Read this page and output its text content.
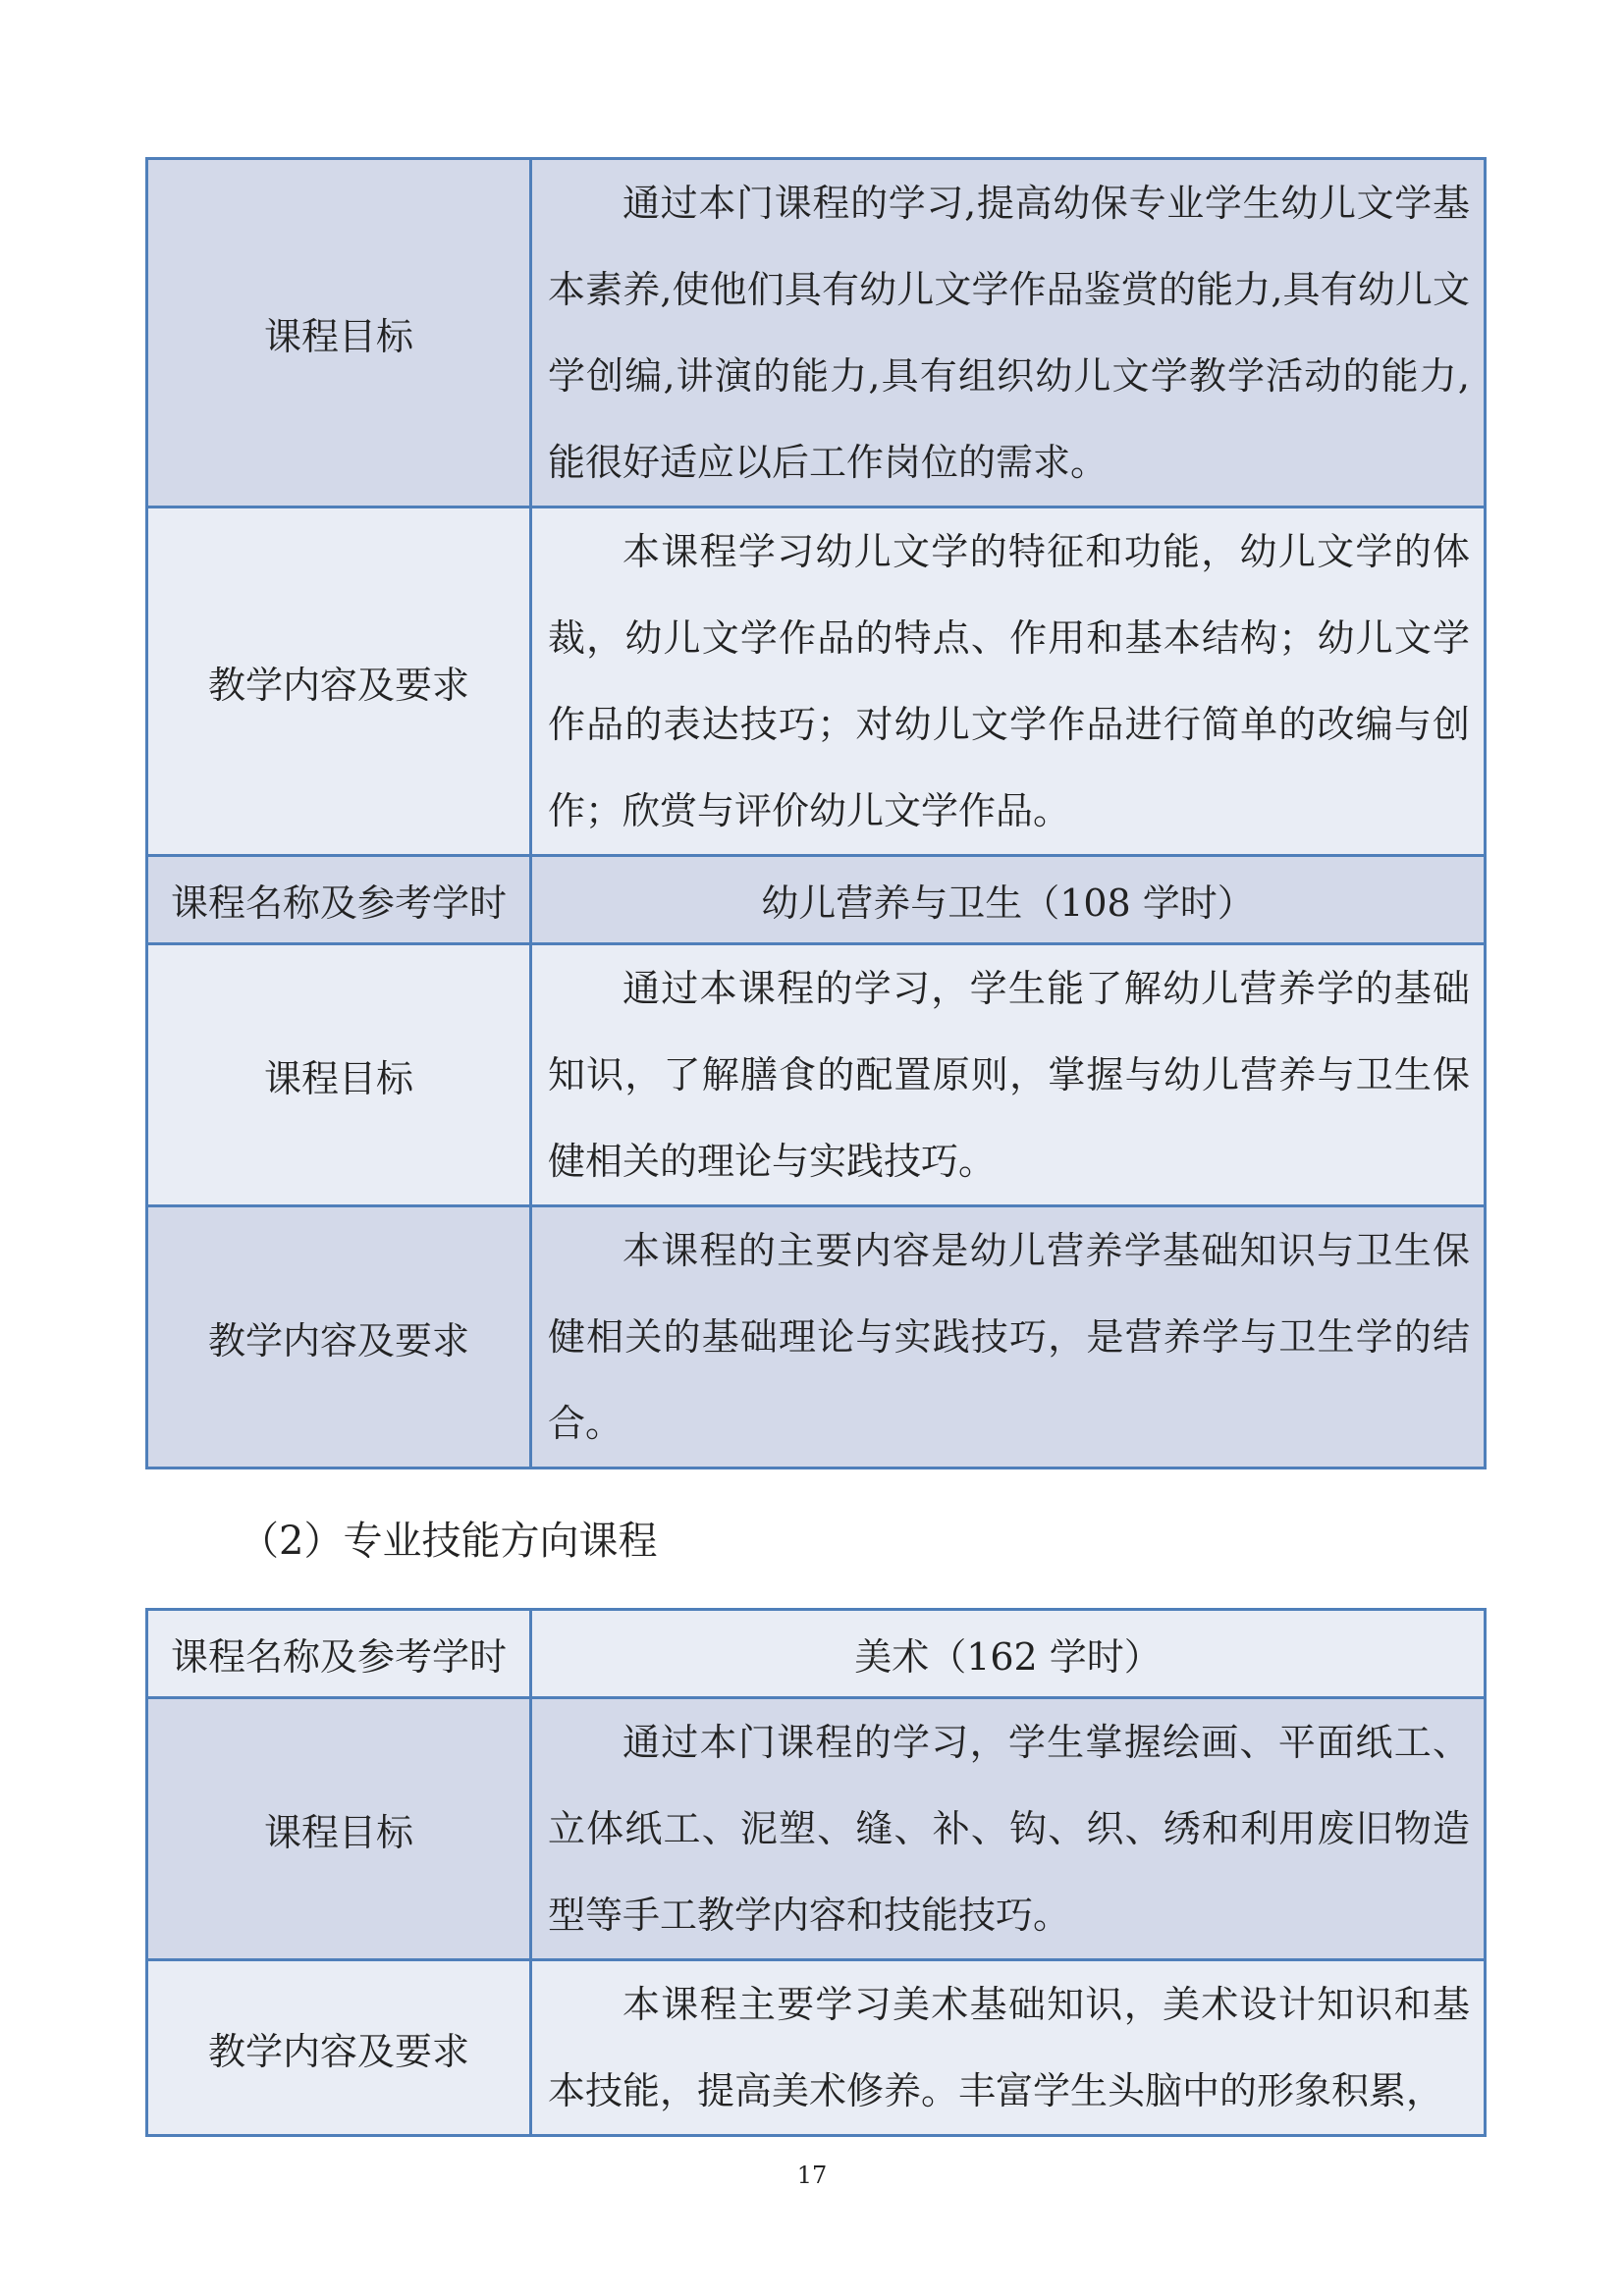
课程目标	通过本门课程的学习,提高幼保专业学生幼儿文学基本素养,使他们具有幼儿文学作品鉴赏的能力,具有幼儿文学创编,讲演的能力,具有组织幼儿文学教学活动的能力,能很好适应以后工作岗位的需求。

教学内容及要求	本课程学习幼儿文学的特征和功能，幼儿文学的体裁，幼儿文学作品的特点、作用和基本结构；幼儿文学作品的表达技巧；对幼儿文学作品进行简单的改编与创作；欣赏与评价幼儿文学作品。

课程名称及参考学时	幼儿营养与卫生（108 学时）

课程目标	通过本课程的学习，学生能了解幼儿营养学的基础知识，了解膳食的配置原则，掌握与幼儿营养与卫生保健相关的理论与实践技巧。

教学内容及要求	本课程的主要内容是幼儿营养学基础知识与卫生保健相关的基础理论与实践技巧，是营养学与卫生学的结合。

（2）专业技能方向课程

课程名称及参考学时	美术（162 学时）

课程目标	通过本门课程的学习，学生掌握绘画、平面纸工、立体纸工、泥塑、缝、补、钩、织、绣和利用废旧物造型等手工教学内容和技能技巧。

教学内容及要求	本课程主要学习美术基础知识，美术设计知识和基本技能，提高美术修养。丰富学生头脑中的形象积累，

17
